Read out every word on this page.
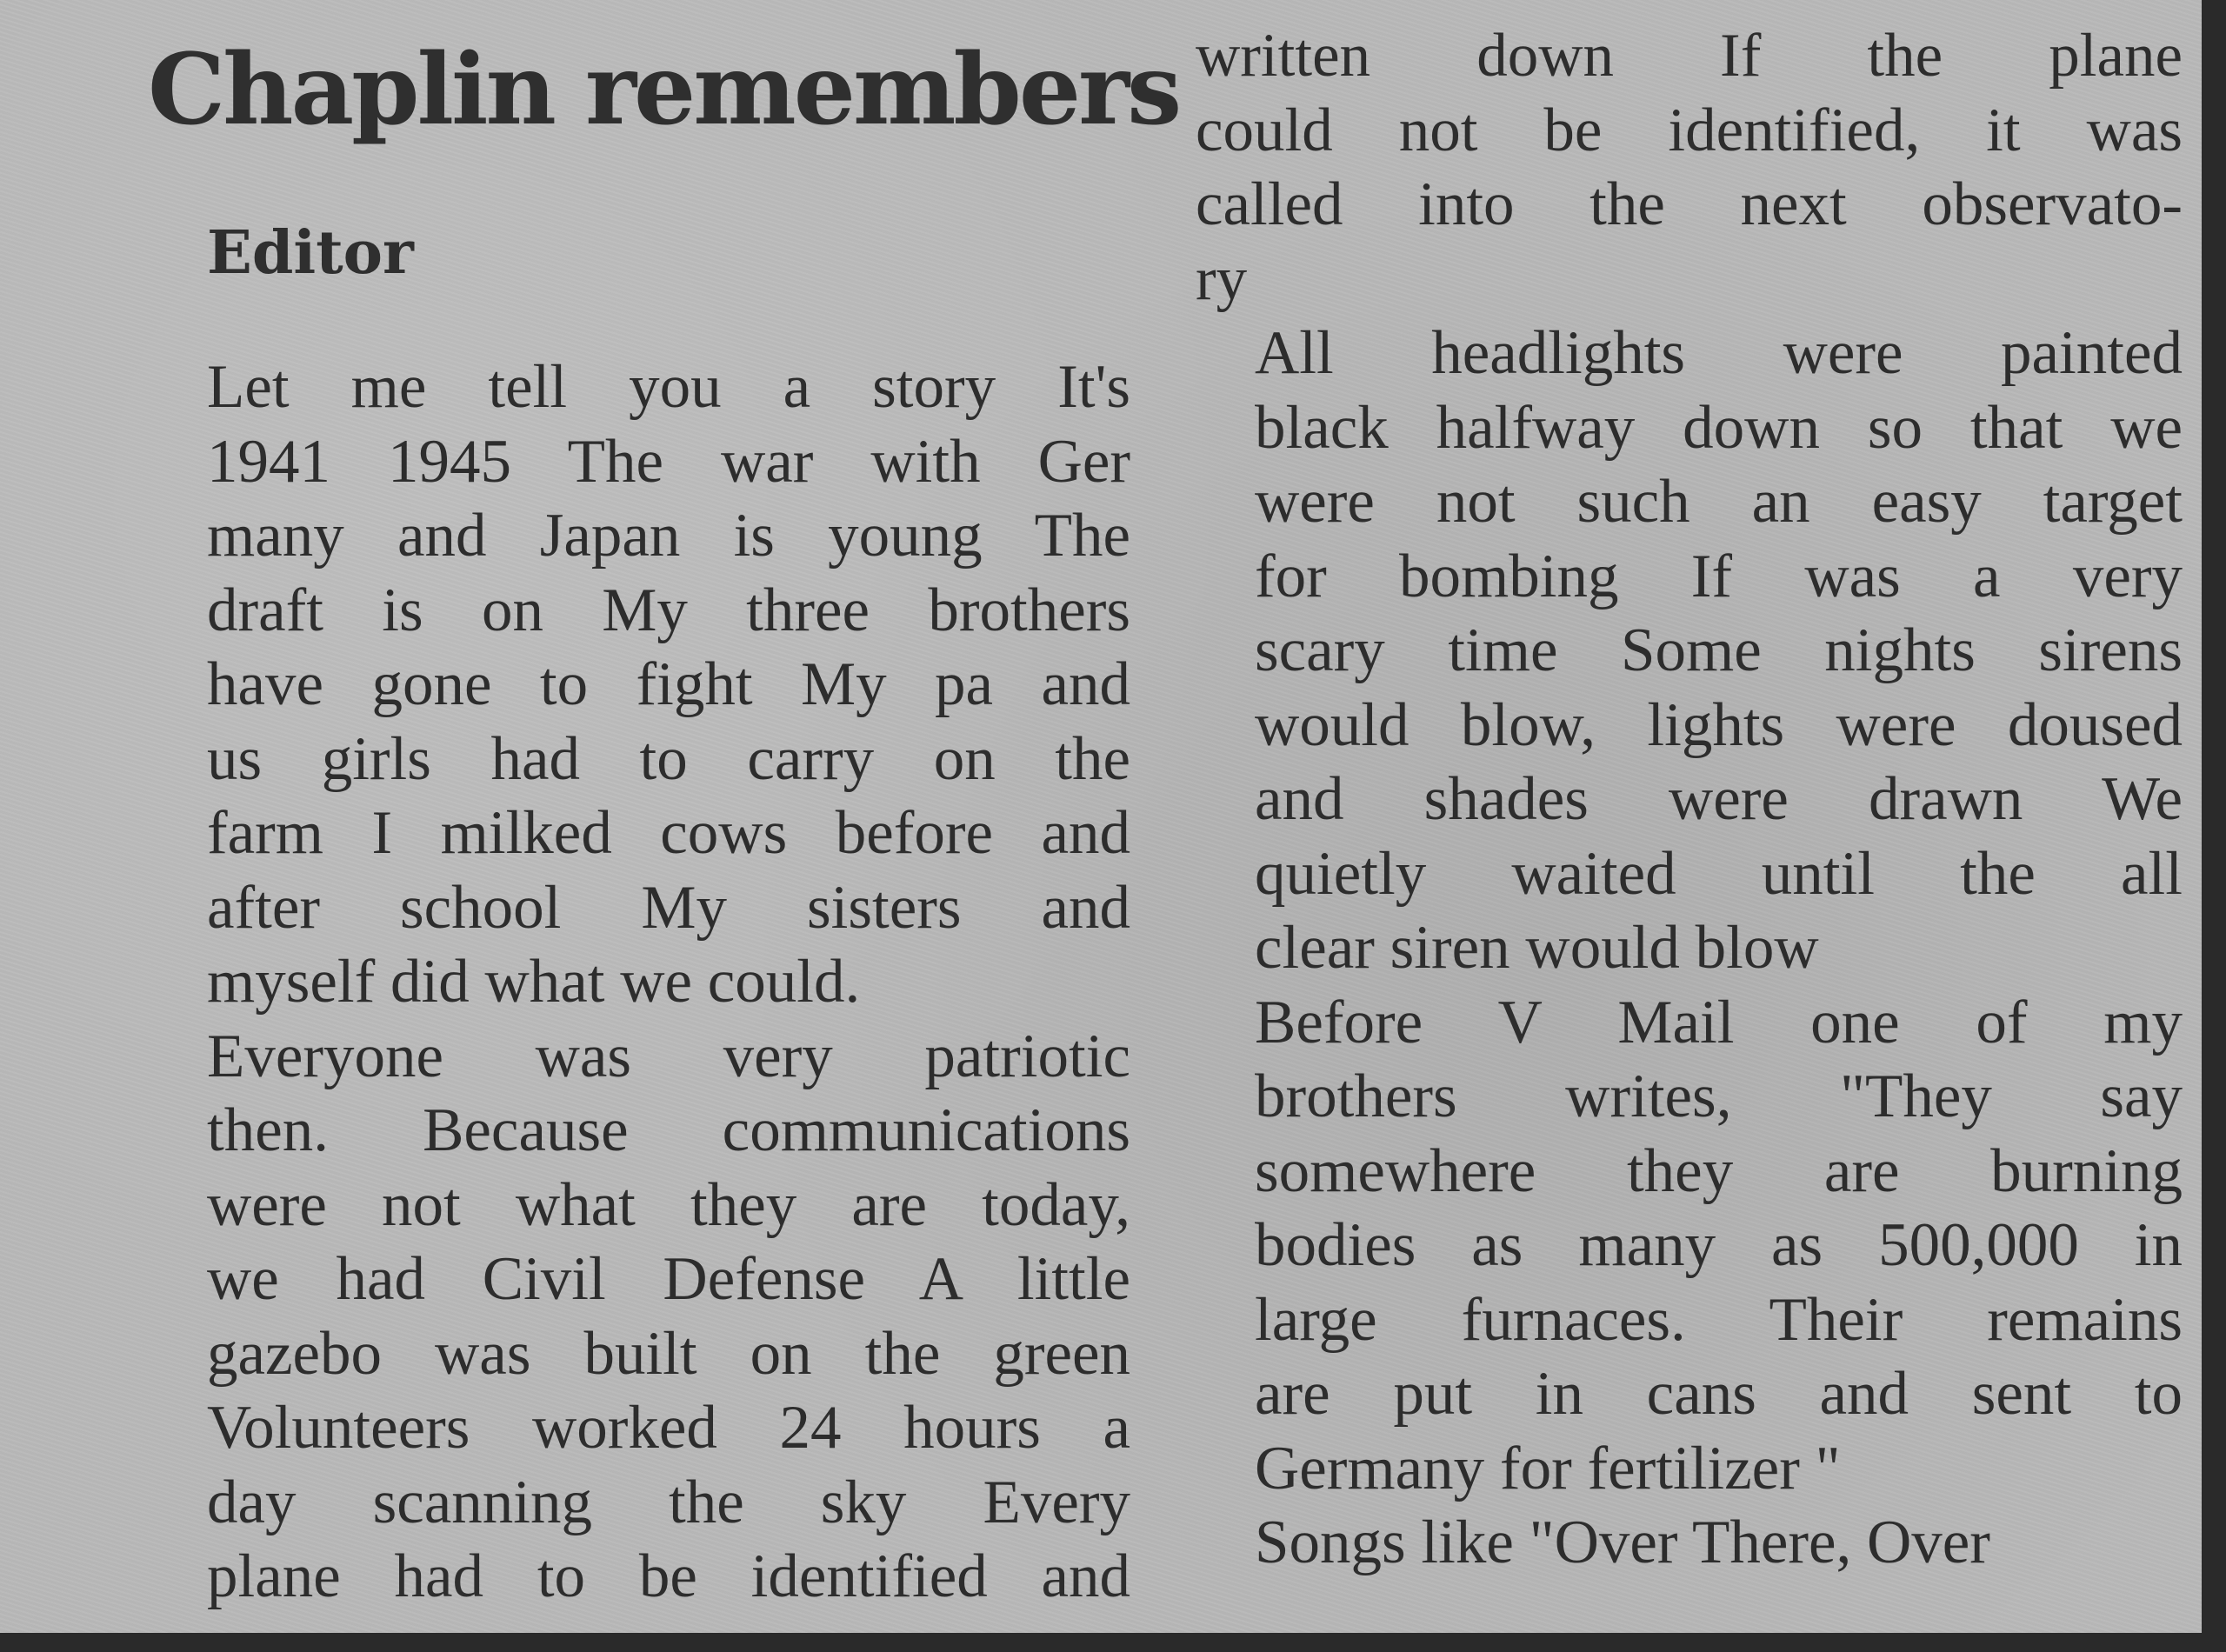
Chaplin remembers
Editor

Let me tell you a story It's
1941 1945 The war with Ger
many and Japan is young The
draft is on My three brothers
have gone to fight My pa and
us girls had to carry on the
farm I milked cows before and
after school My sisters and
myself did what we could.

Everyone was very patriotic
then. Because communications
were not what they are today,
we had Civil Defense A little
gazebo was built on the green
Volunteers worked 24 hours a
day scanning the sky Every
plane had to be identified and

written down If the plane
could not be identified, it was
called into the next observato-
ry

All headlights were painted
black halfway down so that we
were not such an easy target
for bombing If was a very
scary time Some nights sirens
would blow, lights were doused
and shades were drawn We
quietly waited until the all
clear siren would blow

Before V Mail one of my
brothers writes, "They say
somewhere they are burning
bodies as many as 500,000 in
large furnaces. Their remains
are put in cans and sent to
Germany for fertilizer "

Songs like "Over There, Over
